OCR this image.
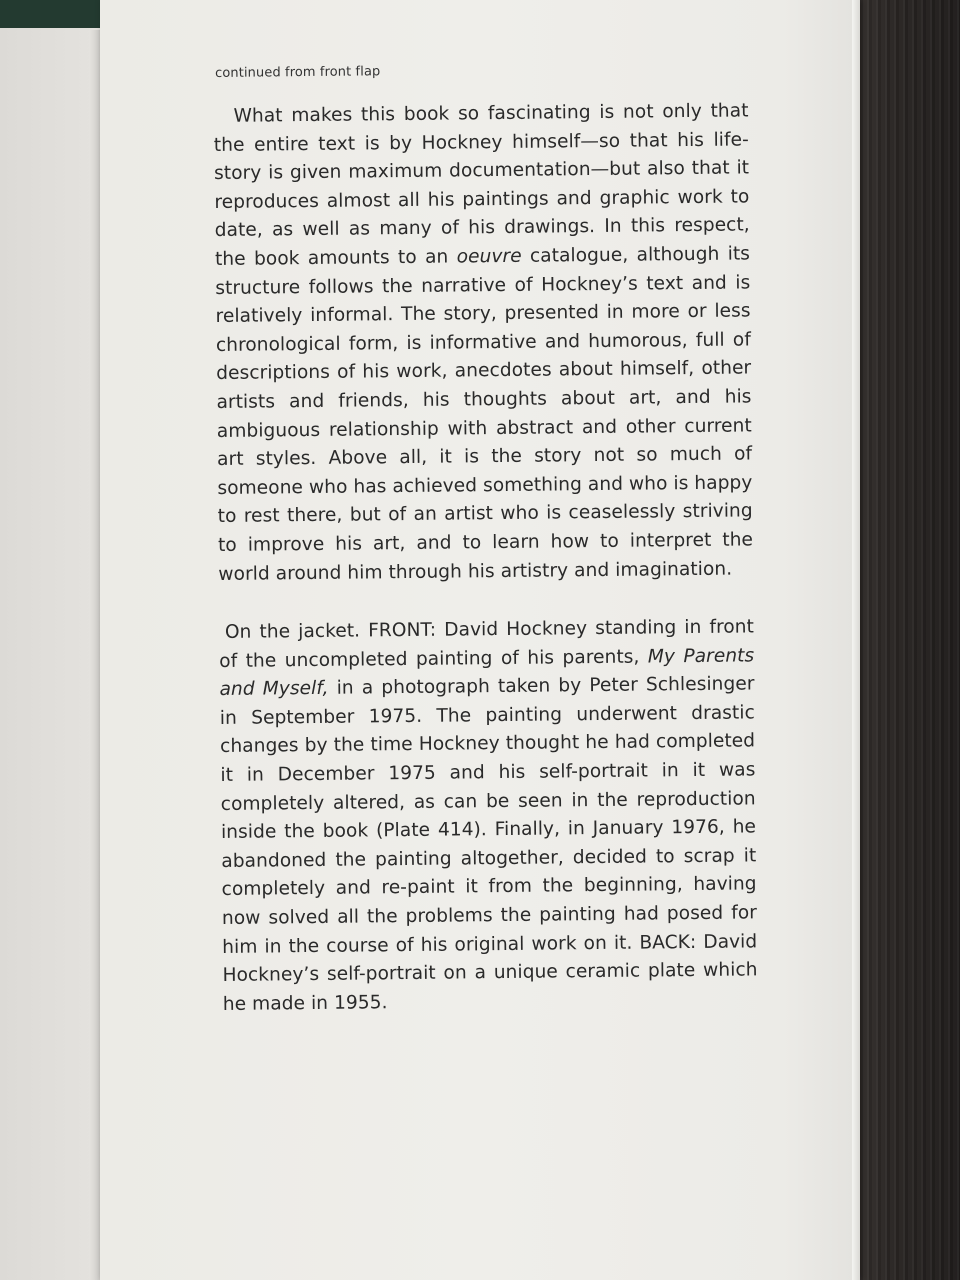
continued from front flap

What makes this book so fascinating is not only that the entire text is by Hockney himself—so that his life-story is given maximum documentation—but also that it reproduces almost all his paintings and graphic work to date, as well as many of his drawings. In this respect, the book amounts to an oeuvre catalogue, although its structure follows the narrative of Hockney’s text and is relatively informal. The story, presented in more or less chronological form, is informative and humorous, full of descriptions of his work, anecdotes about himself, other artists and friends, his thoughts about art, and his ambiguous relationship with abstract and other current art styles. Above all, it is the story not so much of someone who has achieved something and who is happy to rest there, but of an artist who is ceaselessly striving to improve his art, and to learn how to interpret the world around him through his artistry and imagination.

On the jacket. FRONT: David Hockney standing in front of the uncompleted painting of his parents, My Parents and Myself, in a photograph taken by Peter Schlesinger in September 1975. The painting underwent drastic changes by the time Hockney thought he had completed it in December 1975 and his self-portrait in it was completely altered, as can be seen in the reproduction inside the book (Plate 414). Finally, in January 1976, he abandoned the painting altogether, decided to scrap it completely and re-paint it from the beginning, having now solved all the problems the painting had posed for him in the course of his original work on it. BACK: David Hockney’s self-portrait on a unique ceramic plate which he made in 1955.
